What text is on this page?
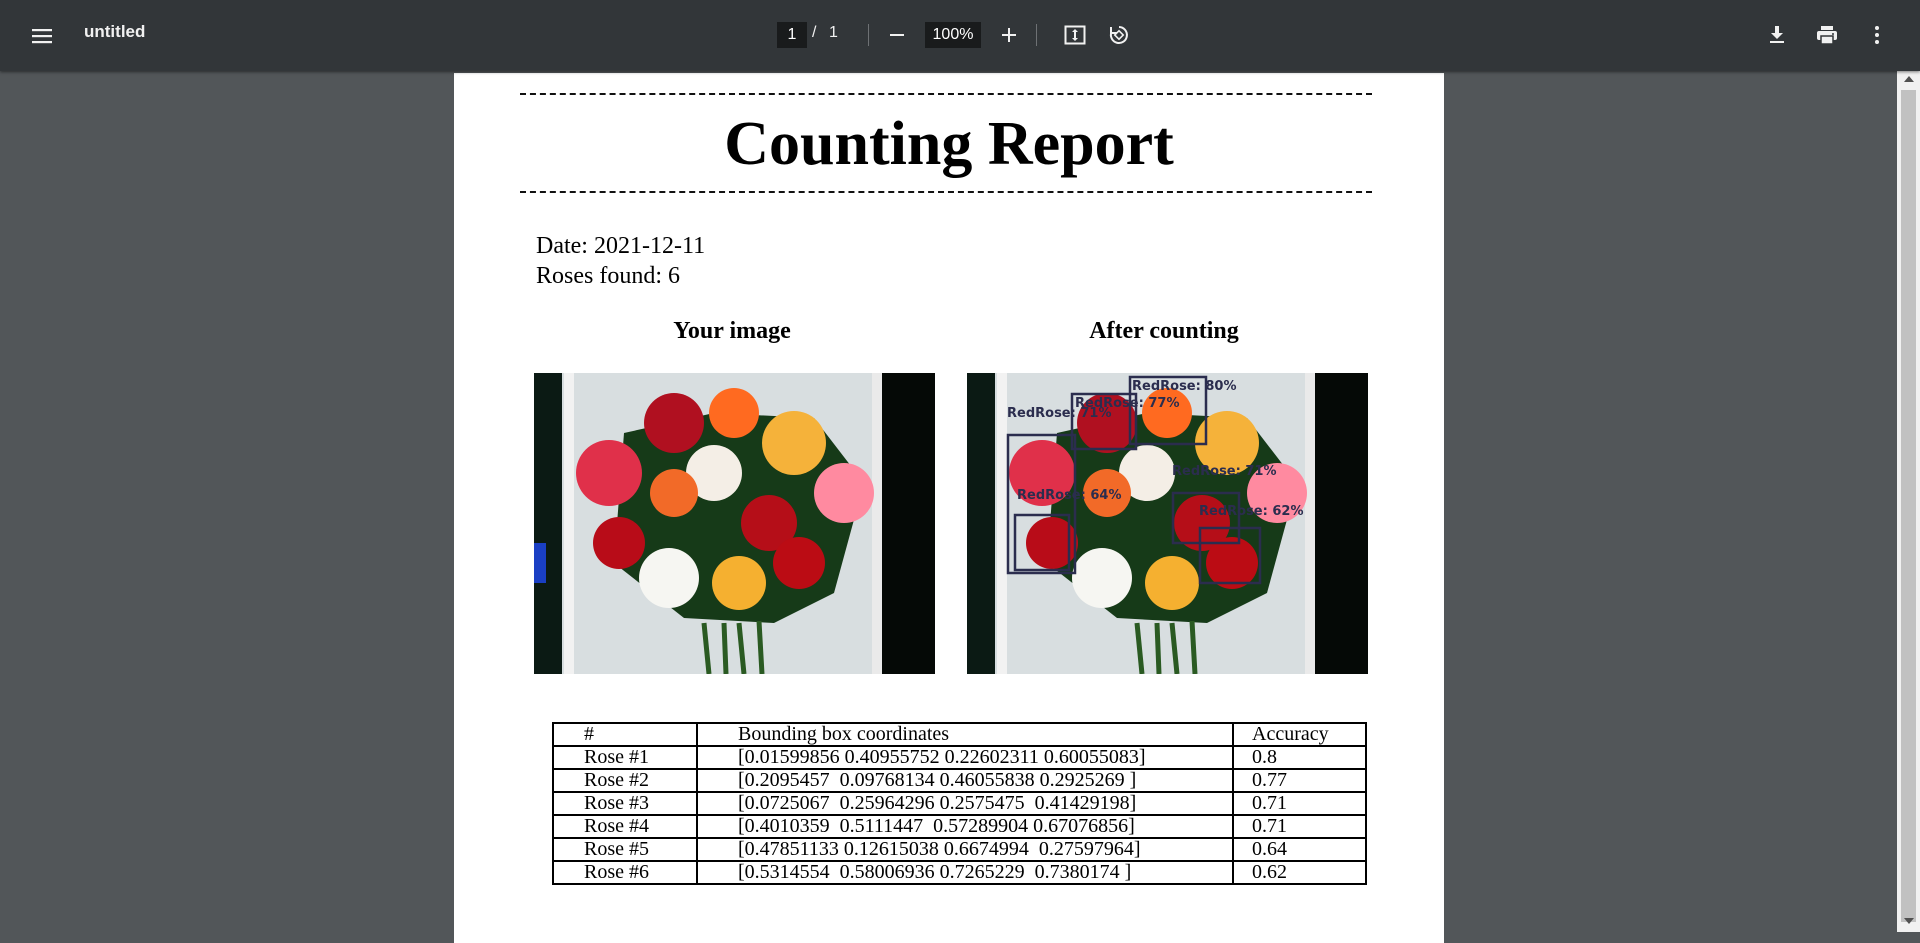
untitled	1 / 1	100%
Counting Report
Date: 2021-12-11
Roses found: 6
Your image	After counting
RedRose: 80%
RedRose: 77%
RedRose: 71%
RedRose: 71%
RedRose: 64%
RedRose: 62%
#	Bounding box coordinates	Accuracy
Rose #1	[0.01599856 0.40955752 0.22602311 0.60055083]	0.8
Rose #2	[0.2095457  0.09768134 0.46055838 0.2925269 ]	0.77
Rose #3	[0.0725067  0.25964296 0.2575475  0.41429198]	0.71
Rose #4	[0.4010359  0.5111447  0.57289904 0.67076856]	0.71
Rose #5	[0.47851133 0.12615038 0.6674994  0.27597964]	0.64
Rose #6	[0.5314554  0.58006936 0.7265229  0.7380174 ]	0.62
